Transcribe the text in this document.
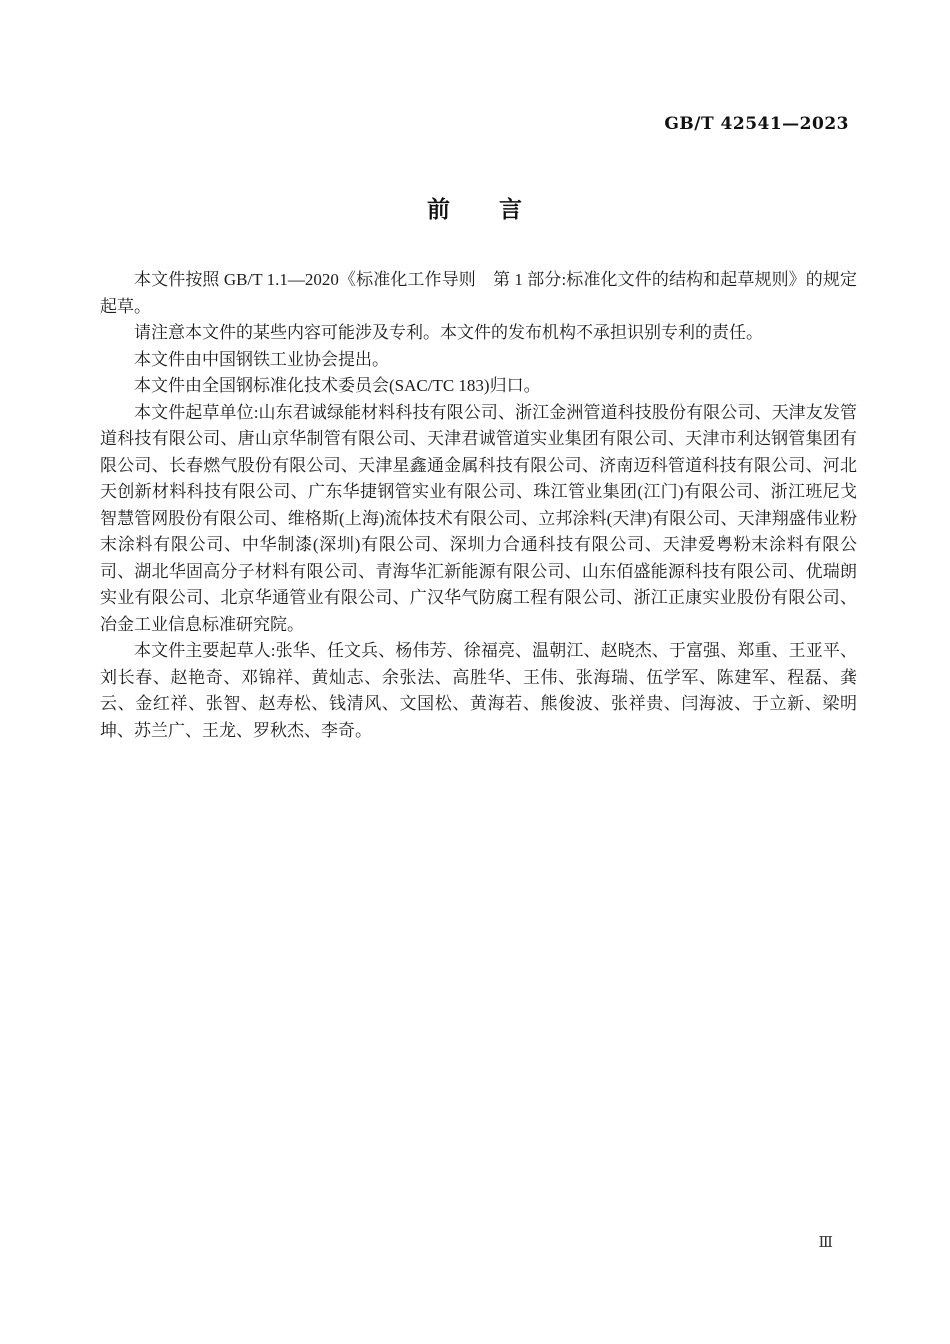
GB/T 42541—2023
前　　言

本文件按照 GB/T 1.1—2020《标准化工作导则　第 1 部分:标准化文件的结构和起草规则》的规定起草。

请注意本文件的某些内容可能涉及专利。本文件的发布机构不承担识别专利的责任。

本文件由中国钢铁工业协会提出。

本文件由全国钢标准化技术委员会(SAC/TC 183)归口。

本文件起草单位:山东君诚绿能材料科技有限公司、浙江金洲管道科技股份有限公司、天津友发管道科技有限公司、唐山京华制管有限公司、天津君诚管道实业集团有限公司、天津市利达钢管集团有限公司、长春燃气股份有限公司、天津星鑫通金属科技有限公司、济南迈科管道科技有限公司、河北天创新材料科技有限公司、广东华捷钢管实业有限公司、珠江管业集团(江门)有限公司、浙江班尼戈智慧管网股份有限公司、维格斯(上海)流体技术有限公司、立邦涂料(天津)有限公司、天津翔盛伟业粉末涂料有限公司、中华制漆(深圳)有限公司、深圳力合通科技有限公司、天津爱粤粉末涂料有限公司、湖北华固高分子材料有限公司、青海华汇新能源有限公司、山东佰盛能源科技有限公司、优瑞朗实业有限公司、北京华通管业有限公司、广汉华气防腐工程有限公司、浙江正康实业股份有限公司、冶金工业信息标准研究院。

本文件主要起草人:张华、任文兵、杨伟芳、徐福亮、温朝江、赵晓杰、于富强、郑重、王亚平、刘长春、赵艳奇、邓锦祥、黄灿志、余张法、高胜华、王伟、张海瑞、伍学军、陈建军、程磊、龚云、金红祥、张智、赵寿松、钱清风、文国松、黄海若、熊俊波、张祥贵、闫海波、于立新、梁明坤、苏兰广、王龙、罗秋杰、李奇。

Ⅲ
